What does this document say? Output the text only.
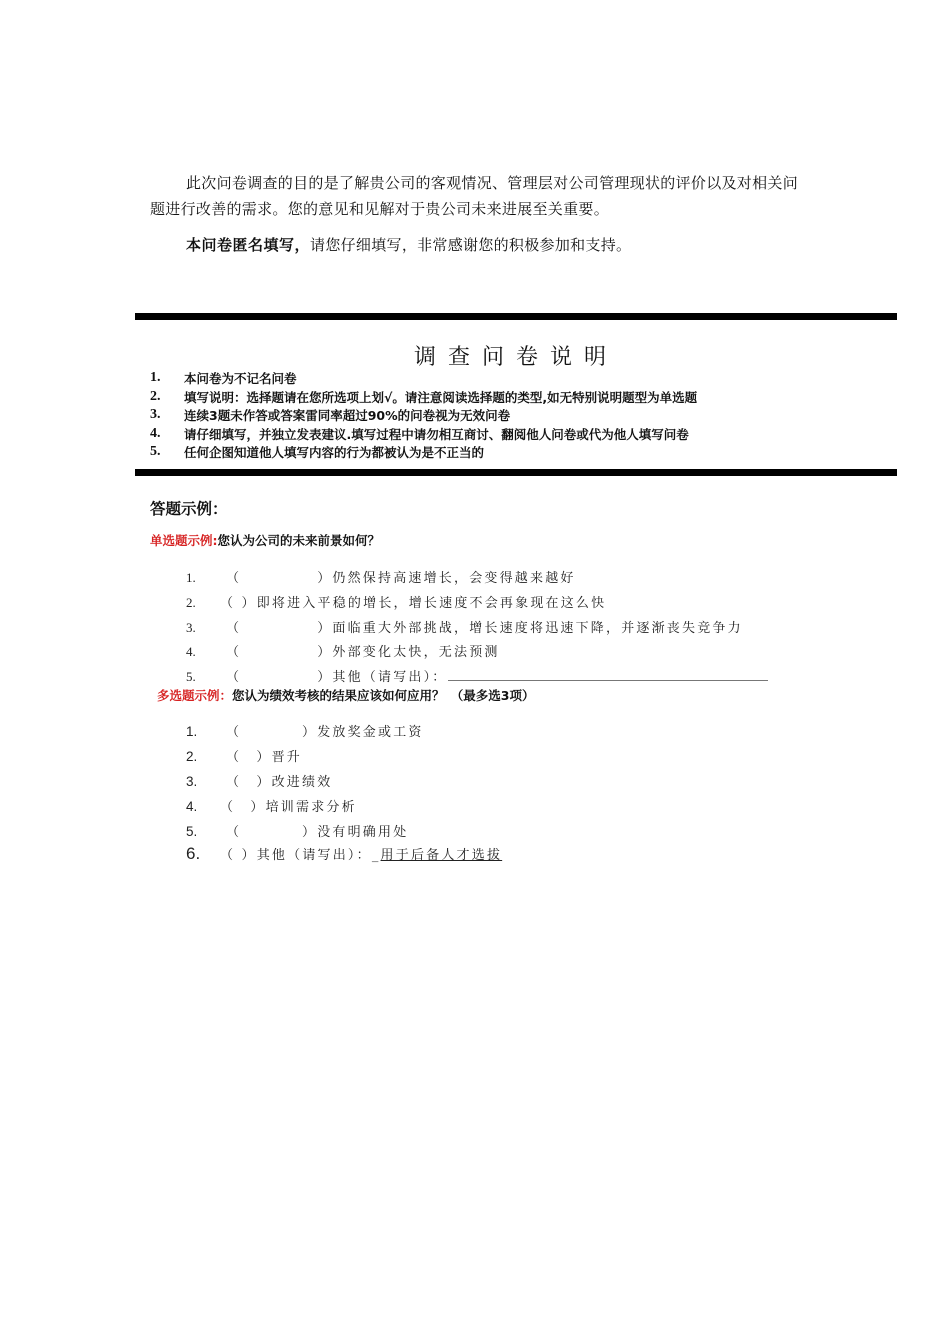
此次问卷调查的目的是了解贵公司的客观情况、管理层对公司管理现状的评价以及对相关问题进行改善的需求。您的意见和见解对于贵公司未来进展至关重要。

本问卷匿名填写，请您仔细填写，非常感谢您的积极参加和支持。
调查问卷说明
1.	本问卷为不记名问卷
2.	填写说明：选择题请在您所选项上划√。请注意阅读选择题的类型,如无特别说明题型为单选题
3.	连续3题未作答或答案雷同率超过90%的问卷视为无效问卷
4.	请仔细填写，并独立发表建议.填写过程中请勿相互商讨、翻阅他人问卷或代为他人填写问卷
5.	任何企图知道他人填写内容的行为都被认为是不正当的
答题示例：
单选题示例:您认为公司的未来前景如何？
1. （　　　　　）仍然保持高速增长，会变得越来越好
2. （ ）即将进入平稳的增长，增长速度不会再象现在这么快
3. （　　　　　）面临重大外部挑战，增长速度将迅速下降，并逐渐丧失竞争力
4. （　　　　　）外部变化太快，无法预测
5. （　　　　　）其他（请写出）：
多选题示例：您认为绩效考核的结果应该如何应用？　（最多选3项）
1. （　　　　）发放奖金或工资
2. （　）晋升
3. （　）改进绩效
4. （　）培训需求分析
5. （　　　　）没有明确用处
6. （ ）其他（请写出）：_用于后备人才选拔
